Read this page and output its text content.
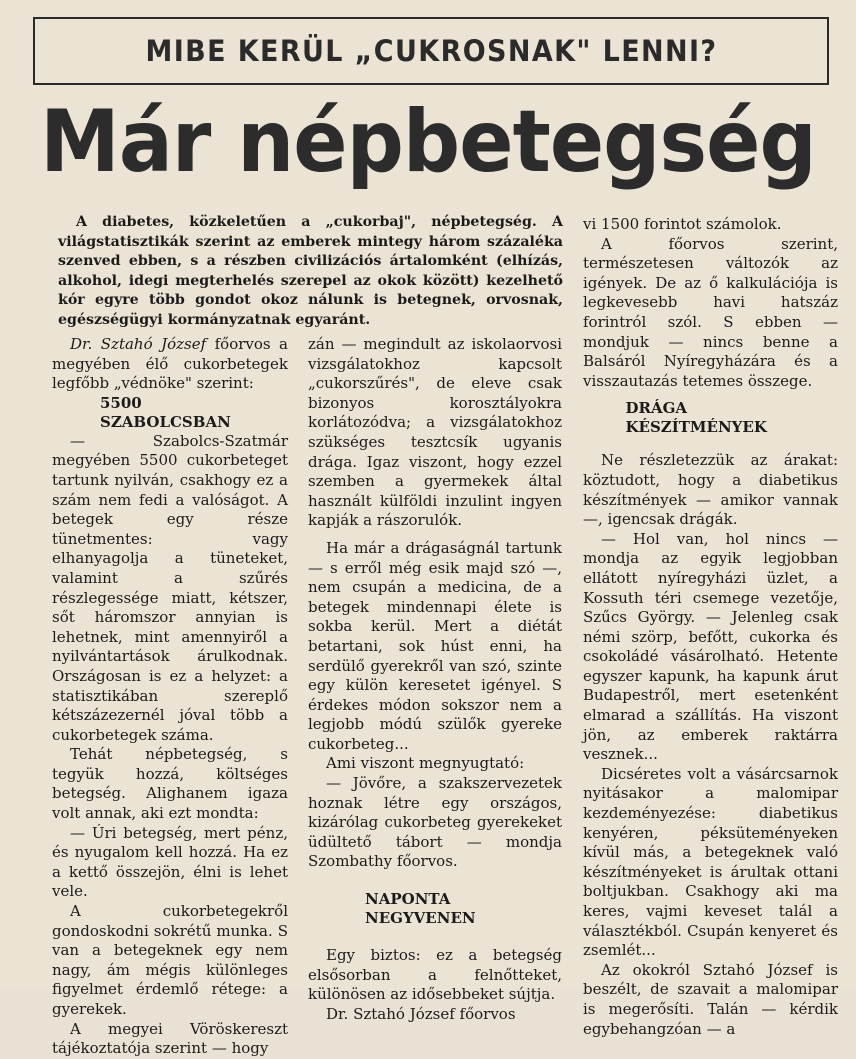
MIBE KERÜL „CUKROSNAK" LENNI?
Már népbetegség
A diabetes, közkeletűen a „cukorbaj", népbetegség. A világstatisztikák szerint az emberek mintegy három százaléka szenved ebben, s a részben civilizációs ártalomként (elhízás, alkohol, idegi megterhelés szerepel az okok között) kezelhető kór egyre több gondot okoz nálunk is betegnek, orvosnak, egészségügyi kormányzatnak egyaránt.

Dr. Sztahó József főorvos a megyében élő cukorbetegek legfőbb „védnöke" szerint:

5500 SZABOLCSBAN

— Szabolcs-Szatmár megyében 5500 cukorbeteget tartunk nyilván, csakhogy ez a szám nem fedi a valóságot. A betegek egy része tünetmentes: vagy elhanyagolja a tüneteket, valamint a szűrés részlegessége miatt, kétszer, sőt háromszor annyian is lehetnek, mint amennyiről a nyilvántartások árulkodnak. Országosan is ez a helyzet: a statisztikában szereplő kétszázezernél jóval több a cukorbetegek száma.

Tehát népbetegség, s tegyük hozzá, költséges betegség. Alighanem igaza volt annak, aki ezt mondta:

— Úri betegség, mert pénz, és nyugalom kell hozzá. Ha ez a kettő összejön, élni is lehet vele.

A cukorbetegekről gondoskodni sokrétű munka. S van a betegeknek egy nem nagy, ám mégis különleges figyelmet érdemlő rétege: a gyerekek.

A megyei Vöröskereszt tájékoztatója szerint — hogy

zán — megindult az iskolaorvosi vizsgálatokhoz kapcsolt „cukorszűrés", de eleve csak bizonyos korosztályokra korlátozódva; a vizsgálatokhoz szükséges tesztcsík ugyanis drága. Igaz viszont, hogy ezzel szemben a gyermekek által használt külföldi inzulint ingyen kapják a rászorulók.

Ha már a drágaságnál tartunk — s erről még esik majd szó —, nem csupán a medicina, de a betegek mindennapi élete is sokba kerül. Mert a diétát betartani, sok húst enni, ha serdülő gyerekről van szó, szinte egy külön keresetet igényel. S érdekes módon sokszor nem a legjobb módú szülők gyereke cukorbeteg...

Ami viszont megnyugtató:

— Jövőre, a szakszervezetek hoznak létre egy országos, kizárólag cukorbeteg gyerekeket üdültető tábort — mondja Szombathy főorvos.

NAPONTA NEGYVENEN

Egy biztos: ez a betegség elsősorban a felnőtteket, különösen az idősebbeket sújtja.

Dr. Sztahó József főorvos

vi 1500 forintot számolok.

A főorvos szerint, természetesen változók az igények. De az ő kalkulációja is legkevesebb havi hatszáz forintról szól. S ebben — mondjuk — nincs benne a Balsáról Nyíregyházára és a visszautazás tetemes összege.

DRÁGA KÉSZÍTMÉNYEK

Ne részletezzük az árakat: köztudott, hogy a diabetikus készítmények — amikor vannak —, igencsak drágák.

— Hol van, hol nincs — mondja az egyik legjobban ellátott nyíregyházi üzlet, a Kossuth téri csemege vezetője, Szűcs György. — Jelenleg csak némi szörp, befőtt, cukorka és csokoládé vásárolható. Hetente egyszer kapunk, ha kapunk árut Budapestről, mert esetenként elmarad a szállítás. Ha viszont jön, az emberek raktárra vesznek...

Dicséretes volt a vásárcsarnok nyitásakor a malomipar kezdeményezése: diabetikus kenyéren, péksüteményeken kívül más, a betegeknek való készítményeket is árultak ottani boltjukban. Csakhogy aki ma keres, vajmi keveset talál a választékból. Csupán kenyeret és zsemlét...

Az okokról Sztahó József is beszélt, de szavait a malomipar is megerősíti. Talán — kérdik egybehangzóan — a
